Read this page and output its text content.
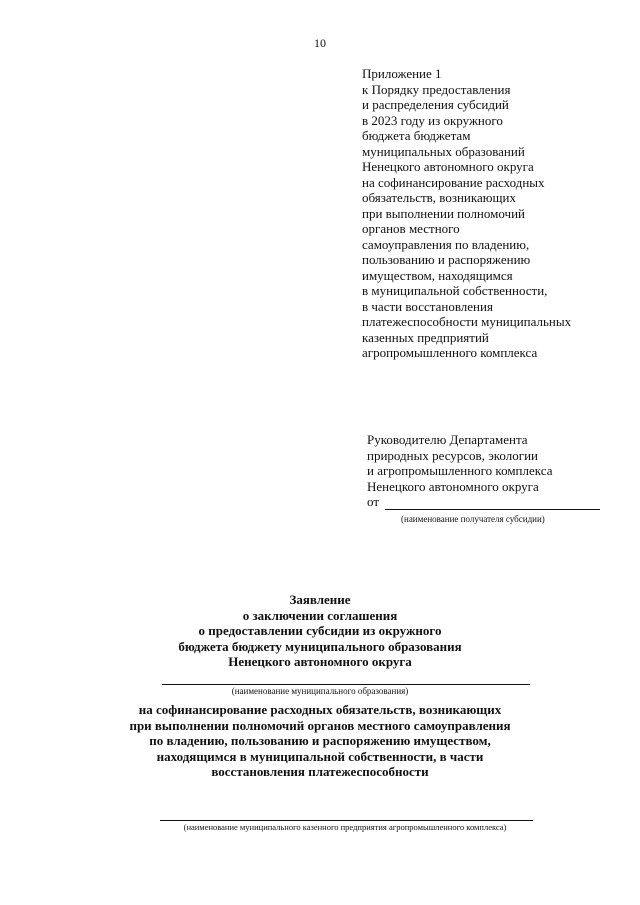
10
Приложение 1
к Порядку предоставления
и распределения субсидий
в 2023 году из окружного
бюджета бюджетам
муниципальных образований
Ненецкого автономного округа
на софинансирование расходных
обязательств, возникающих
при выполнении полномочий
органов местного
самоуправления по владению,
пользованию и распоряжению
имуществом, находящимся
в муниципальной собственности,
в части восстановления
платежеспособности муниципальных
казенных предприятий
агропромышленного комплекса
Руководителю Департамента
природных ресурсов, экологии
и агропромышленного комплекса
Ненецкого автономного округа
от
(наименование получателя субсидии)
Заявление
о заключении соглашения
о предоставлении субсидии из окружного
бюджета бюджету муниципального образования
Ненецкого автономного округа
(наименование муниципального образования)
на софинансирование расходных обязательств, возникающих
при выполнении полномочий органов местного самоуправления
по владению, пользованию и распоряжению имуществом,
находящимся в муниципальной собственности, в части
восстановления платежеспособности
(наименование муниципального казенного предприятия агропромышленного комплекса)
